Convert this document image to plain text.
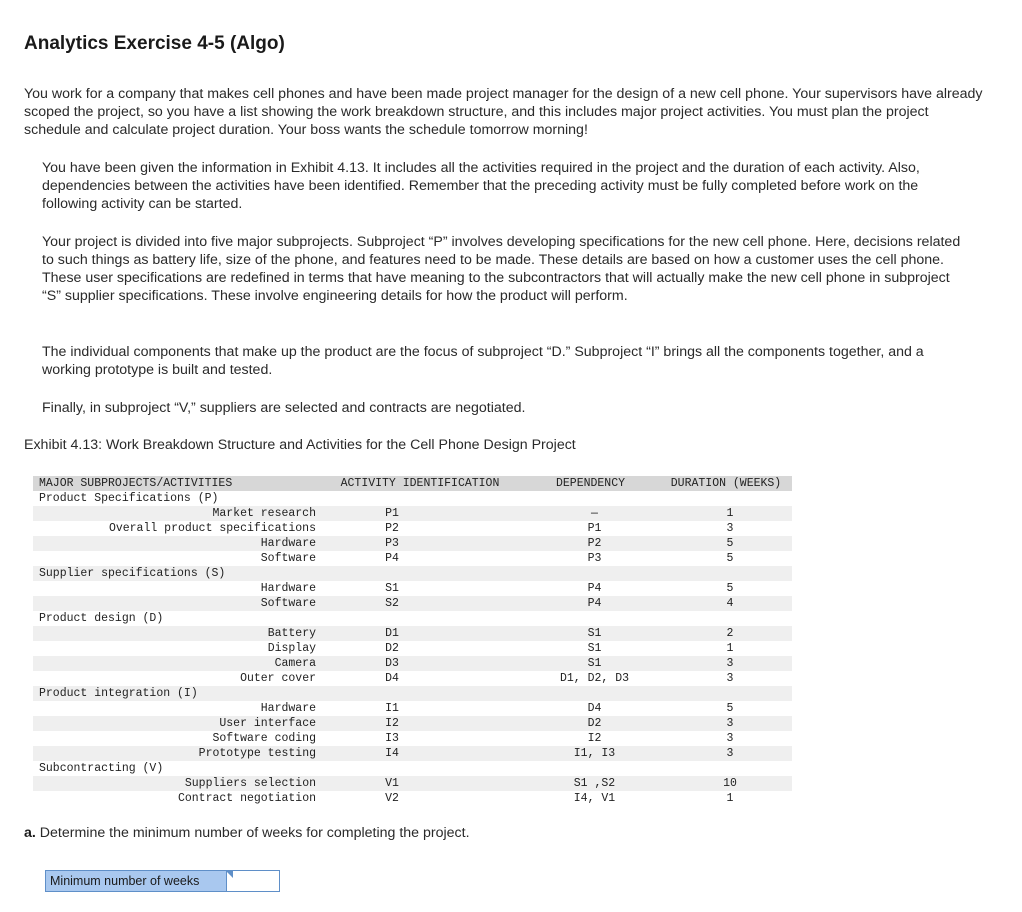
Analytics Exercise 4-5 (Algo)

You work for a company that makes cell phones and have been made project manager for the design of a new cell phone. Your supervisors have already scoped the project, so you have a list showing the work breakdown structure, and this includes major project activities. You must plan the project schedule and calculate project duration. Your boss wants the schedule tomorrow morning!

You have been given the information in Exhibit 4.13. It includes all the activities required in the project and the duration of each activity. Also, dependencies between the activities have been identified. Remember that the preceding activity must be fully completed before work on the following activity can be started.

Your project is divided into five major subprojects. Subproject “P” involves developing specifications for the new cell phone. Here, decisions related to such things as battery life, size of the phone, and features need to be made. These details are based on how a customer uses the cell phone. These user specifications are redefined in terms that have meaning to the subcontractors that will actually make the new cell phone in subproject “S” supplier specifications. These involve engineering details for how the product will perform.

The individual components that make up the product are the focus of subproject “D.” Subproject “I” brings all the components together, and a working prototype is built and tested.

Finally, in subproject “V,” suppliers are selected and contracts are negotiated.

Exhibit 4.13: Work Breakdown Structure and Activities for the Cell Phone Design Project

MAJOR SUBPROJECTS/ACTIVITIES	ACTIVITY IDENTIFICATION	DEPENDENCY	DURATION (WEEKS)
Product Specifications (P)			
Market research	P1	—	1
Overall product specifications	P2	P1	3
Hardware	P3	P2	5
Software	P4	P3	5
Supplier specifications (S)			
Hardware	S1	P4	5
Software	S2	P4	4
Product design (D)			
Battery	D1	S1	2
Display	D2	S1	1
Camera	D3	S1	3
Outer cover	D4	D1, D2, D3	3
Product integration (I)			
Hardware	I1	D4	5
User interface	I2	D2	3
Software coding	I3	I2	3
Prototype testing	I4	I1, I3	3
Subcontracting (V)			
Suppliers selection	V1	S1 ,S2	10
Contract negotiation	V2	I4, V1	1

a. Determine the minimum number of weeks for completing the project.

Minimum number of weeks
